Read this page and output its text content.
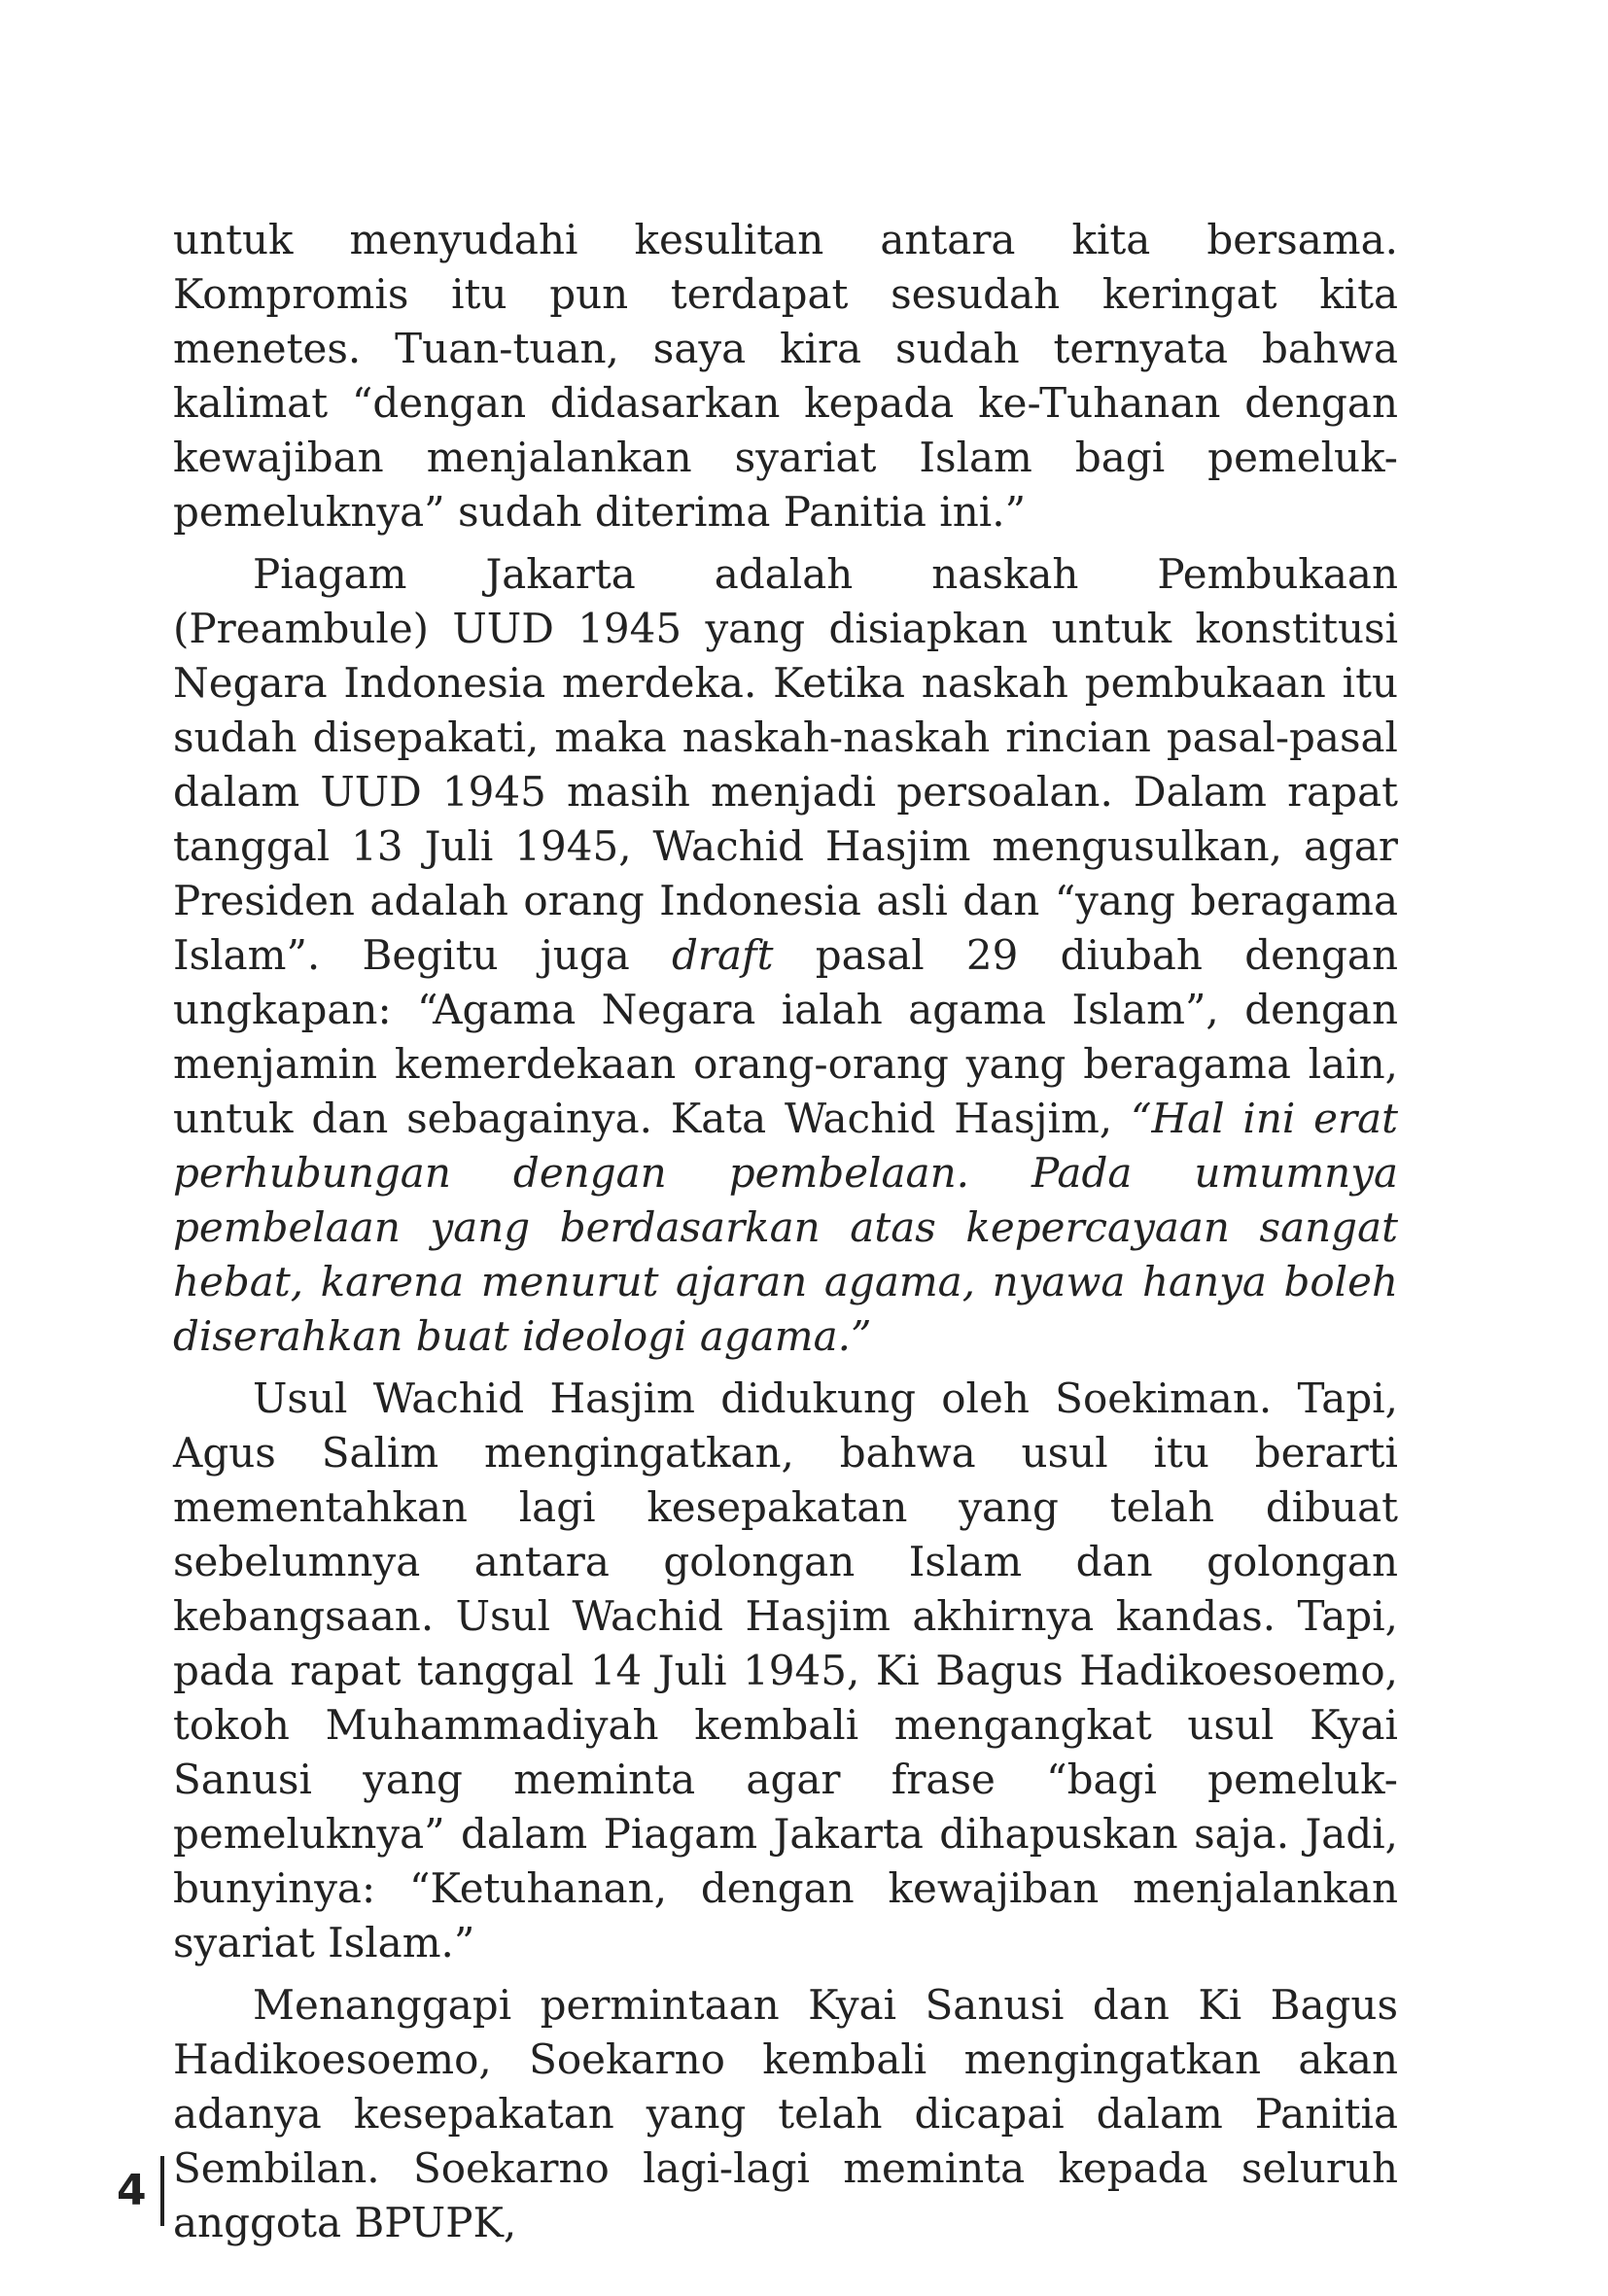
untuk menyudahi kesulitan antara kita bersama. Kompromis itu pun terdapat sesudah keringat kita menetes. Tuan-tuan, saya kira sudah ternyata bahwa kalimat “dengan didasarkan kepada ke-Tuhanan dengan kewajiban menjalankan syariat Islam bagi pemeluk-pemeluknya” sudah diterima Panitia ini.”

Piagam Jakarta adalah naskah Pembukaan (Preambule) UUD 1945 yang disiapkan untuk konstitusi Negara Indonesia merdeka. Ketika naskah pembukaan itu sudah disepakati, maka naskah-naskah rincian pasal-pasal dalam UUD 1945 masih menjadi persoalan. Dalam rapat tanggal 13 Juli 1945, Wachid Hasjim mengusulkan, agar Presiden adalah orang Indonesia asli dan “yang beragama Islam”. Begitu juga draft pasal 29 diubah dengan ungkapan: “Agama Negara ialah agama Islam”, dengan menjamin kemerdekaan orang-orang yang beragama lain, untuk dan sebagainya. Kata Wachid Hasjim, “Hal ini erat perhubungan dengan pembelaan. Pada umumnya pembelaan yang berdasarkan atas kepercayaan sangat hebat, karena menurut ajaran agama, nyawa hanya boleh diserahkan buat ideologi agama.”

Usul Wachid Hasjim didukung oleh Soekiman. Tapi, Agus Salim mengingatkan, bahwa usul itu berarti mementahkan lagi kesepakatan yang telah dibuat sebelumnya antara golongan Islam dan golongan kebangsaan. Usul Wachid Hasjim akhirnya kandas. Tapi, pada rapat tanggal 14 Juli 1945, Ki Bagus Hadikoesoemo, tokoh Muhammadiyah kembali mengangkat usul Kyai Sanusi yang meminta agar frase “bagi pemeluk-pemeluknya” dalam Piagam Jakarta dihapuskan saja. Jadi, bunyinya: “Ketuhanan, dengan kewajiban menjalankan syariat Islam.”

Menanggapi permintaan Kyai Sanusi dan Ki Bagus Hadikoesoemo, Soekarno kembali mengingatkan akan adanya kesepakatan yang telah dicapai dalam Panitia Sembilan. Soekarno lagi-lagi meminta kepada seluruh anggota BPUPK,

4
